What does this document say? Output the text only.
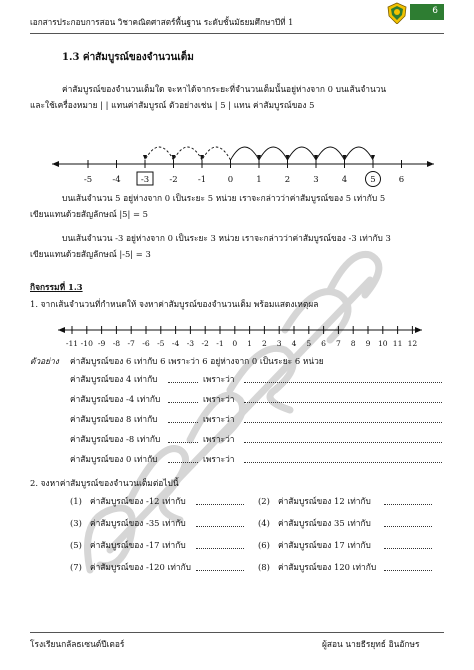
เอกสารประกอบการสอน วิชาคณิตศาสตร์พื้นฐาน ระดับชั้นมัธยมศึกษาปีที่ 1
6
1.3 ค่าสัมบูรณ์ของจำนวนเต็ม
ค่าสัมบูรณ์ของจำนวนเต็มใด จะหาได้จากระยะที่จำนวนเต็มนั้นอยู่ห่างจาก 0 บนเส้นจำนวน
และใช้เครื่องหมาย | | แทนค่าสัมบูรณ์ ตัวอย่างเช่น | 5 | แทน ค่าสัมบูรณ์ของ 5
-5 -4 -3 -2 -1	0	1	2	3	4	5	6
บนเส้นจำนวน 5 อยู่ห่างจาก 0 เป็นระยะ 5 หน่วย เราจะกล่าวว่าค่าสัมบูรณ์ของ 5 เท่ากับ 5
เขียนแทนด้วยสัญลักษณ์ |5| = 5
บนเส้นจำนวน -3 อยู่ห่างจาก 0 เป็นระยะ 3 หน่วย เราจะกล่าวว่าค่าสัมบูรณ์ของ -3 เท่ากับ 3
เขียนแทนด้วยสัญลักษณ์ |-5| = 3
กิจกรรมที่ 1.3
1. จากเส้นจำนวนที่กำหนดให้ จงหาค่าสัมบูรณ์ของจำนวนเต็ม พร้อมแสดงเหตุผล
-11 -10 -9 -8 -7 -6 -5 -4 -3 -2 -1 0 1 2 3 4 5 6 7 8 9 10 11 12
ตัวอย่าง ค่าสัมบูรณ์ของ 6 เท่ากับ 6 เพราะว่า 6 อยู่ห่างจาก 0 เป็นระยะ 6 หน่วย
ค่าสัมบูรณ์ของ 4 เท่ากับ	เพราะว่า
ค่าสัมบูรณ์ของ -4 เท่ากับ	เพราะว่า
ค่าสัมบูรณ์ของ 8 เท่ากับ	เพราะว่า
ค่าสัมบูรณ์ของ -8 เท่ากับ	เพราะว่า
ค่าสัมบูรณ์ของ 0 เท่ากับ	เพราะว่า
2. จงหาค่าสัมบูรณ์ของจำนวนเต็มต่อไปนี้
(1) ค่าสัมบูรณ์ของ -12 เท่ากับ	(2) ค่าสัมบูรณ์ของ 12 เท่ากับ
(3) ค่าสัมบูรณ์ของ -35 เท่ากับ	(4) ค่าสัมบูรณ์ของ 35 เท่ากับ
(5) ค่าสัมบูรณ์ของ -17 เท่ากับ	(6) ค่าสัมบูรณ์ของ 17 เท่ากับ
(7) ค่าสัมบูรณ์ของ -120 เท่ากับ	(8) ค่าสัมบูรณ์ของ 120 เท่ากับ
โรงเรียนกลัลธเซนต์ปีเตอร์	ผู้สอน นายธีรยุทธ์ อินอักษร
